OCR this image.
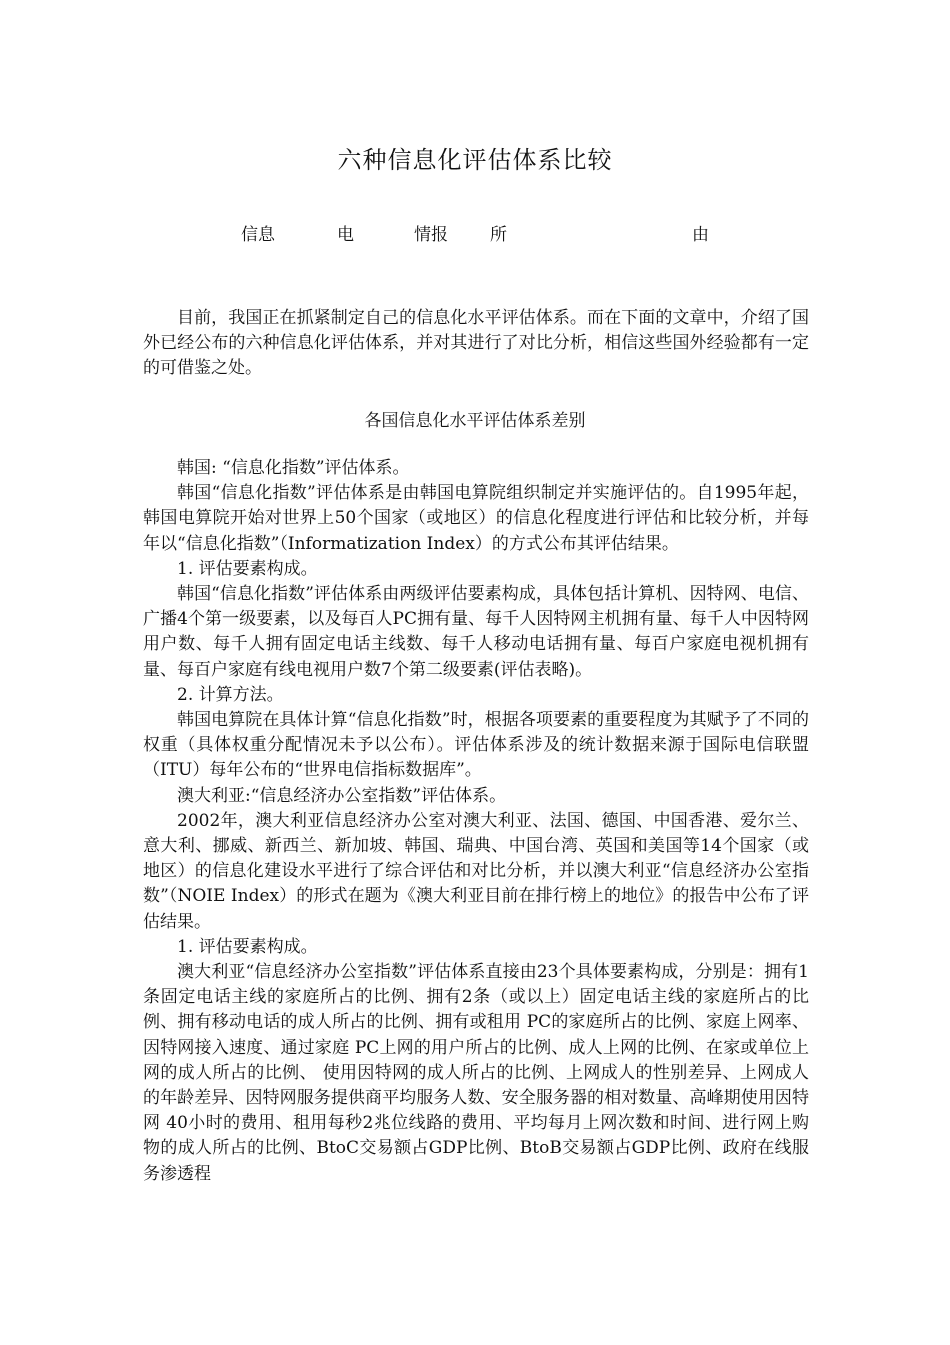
六种信息化评估体系比较
信息	电	情报 所	由

目前，我国正在抓紧制定自己的信息化水平评估体系。而在下面的文章中，介绍了国外已经公布的六种信息化评估体系，并对其进行了对比分析，相信这些国外经验都有一定的可借鉴之处。

各国信息化水平评估体系差别

韩国: “信息化指数”评估体系。

韩国“信息化指数”评估体系是由韩国电算院组织制定并实施评估的。自1995年起，韩国电算院开始对世界上50个国家（或地区）的信息化程度进行评估和比较分析，并每年以“信息化指数”（Informatization Index）的方式公布其评估结果。

1. 评估要素构成。

韩国“信息化指数”评估体系由两级评估要素构成，具体包括计算机、因特网、电信、广播4个第一级要素，以及每百人PC拥有量、每千人因特网主机拥有量、每千人中因特网用户数、每千人拥有固定电话主线数、每千人移动电话拥有量、每百户家庭电视机拥有量、每百户家庭有线电视用户数7个第二级要素(评估表略)。

2. 计算方法。

韩国电算院在具体计算“信息化指数”时，根据各项要素的重要程度为其赋予了不同的权重（具体权重分配情况未予以公布）。评估体系涉及的统计数据来源于国际电信联盟（ITU）每年公布的“世界电信指标数据库”。

澳大利亚:“信息经济办公室指数”评估体系。

2002年，澳大利亚信息经济办公室对澳大利亚、法国、德国、中国香港、爱尔兰、意大利、挪威、新西兰、新加坡、韩国、瑞典、中国台湾、英国和美国等14个国家（或地区）的信息化建设水平进行了综合评估和对比分析，并以澳大利亚“信息经济办公室指数”（NOIE Index）的形式在题为《澳大利亚目前在排行榜上的地位》的报告中公布了评估结果。

1. 评估要素构成。

澳大利亚“信息经济办公室指数”评估体系直接由23个具体要素构成，分别是：拥有1条固定电话主线的家庭所占的比例、拥有2条（或以上）固定电话主线的家庭所占的比例、拥有移动电话的成人所占的比例、拥有或租用 PC的家庭所占的比例、家庭上网率、因特网接入速度、通过家庭 PC上网的用户所占的比例、成人上网的比例、在家或单位上网的成人所占的比例、 使用因特网的成人所占的比例、上网成人的性别差异、上网成人的年龄差异、因特网服务提供商平均服务人数、安全服务器的相对数量、高峰期使用因特网 40小时的费用、租用每秒2兆位线路的费用、平均每月上网次数和时间、进行网上购物的成人所占的比例、BtoC交易额占GDP比例、BtoB交易额占GDP比例、政府在线服务渗透程
